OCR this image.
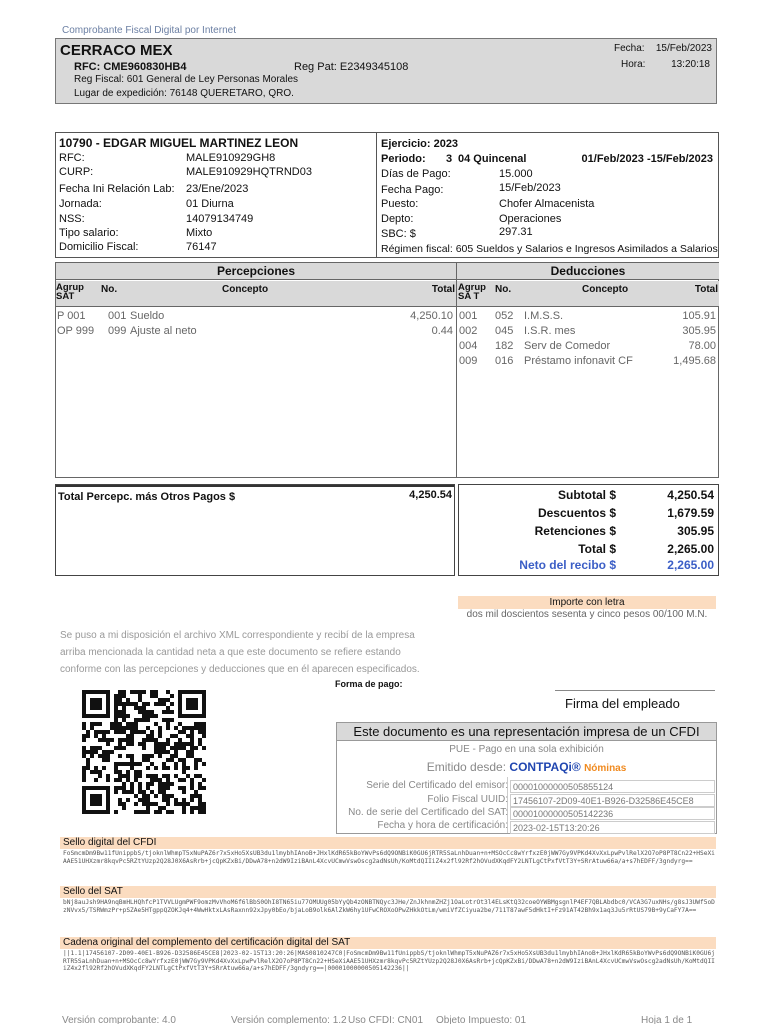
Comprobante Fiscal Digital por Internet
CERRACO MEX
RFC: CME960830HB4	Reg Pat: E2349345108
Reg Fiscal: 601 General de Ley Personas Morales
Lugar de expedición: 76148 QUERETARO, QRO.
Fecha: 15/Feb/2023
Hora:	13:20:18
10790 - EDGAR MIGUEL MARTINEZ LEON
RFC:	MALE910929GH8
CURP:	MALE910929HQTRND03
Fecha Ini Relación Lab: 23/Ene/2023
Jornada:	01 Diurna
NSS:	14079134749
Tipo salario:	Mixto
Domicilio Fiscal:	76147
Ejercicio: 2023
Periodo: 3 04 Quincenal	01/Feb/2023 -15/Feb/2023
Días de Pago:	15.000
Fecha Pago:	15/Feb/2023
Puesto:	Chofer Almacenista
Depto:	Operaciones
SBC: $	297.31
Régimen fiscal: 605 Sueldos y Salarios e Ingresos Asimilados a Salarios
Percepciones	Deducciones
Agrup SAT
No.	Concepto	Total Agrup SA T
No.	Concepto	Total
P 001 001 Sueldo	4,250.10
OP 999 099 Ajuste al neto	0.44
001 052 I.M.S.S.	105.91
002 045 I.S.R. mes	305.95
004 182 Serv de Comedor	78.00
009 016 Préstamo infonavit CF	1,495.68
Total Percepc. más Otros Pagos $	4,250.54	Subtotal $	4,250.54
Descuentos $	1,679.59
Retenciones $	305.95
Total $	2,265.00
Neto del recibo $	2,265.00
Importe con letra
dos mil doscientos sesenta y cinco pesos 00/100 M.N.
Se puso a mi disposición el archivo XML correspondiente y recibí de la empresa arriba mencionada la cantidad neta a que este documento se refiere estando conforme con las percepciones y deducciones que en él aparecen especificados.
Forma de pago:
Firma del empleado
Este documento es una representación impresa de un CFDI
PUE - Pago en una sola exhibición
Emitido desde: CONTPAQi® Nóminas
Serie del Certificado del emisor: 00001000000505855124
Folio Fiscal UUID: 17456107-2D09-40E1-B926-D32586E45CE8
No. de serie del Certificado del SAT: 00001000000505142236
Fecha y hora de certificación: 2023-02-15T13:20:26
Sello digital del CFDI
FoSmcmDm9Bw11fUnippbS/tjoknlWhmpT5xNuPAZ6r7x5xHo5XsUB3du1lmybhIAnoB+JHxlKdR65kBoYWvPs6dQ9ONBiK0GU6jRTR5SaLnhDuan+n+MSOcCc8wYrfxzE0jWW7Gy9VPKd4XvXxLpwPvlRelX2O7oP8PT8Cn22+HSeXiAAE51UHXzmr8kqvPc5RZtYUzp2Q28J0X6AsRrb+jcQpKZxBi/DDwA78+n2dW9IziBAnL4XcvUCmwVswOscg2adNsUh/KoMtdQIIiZ4x2fl92Rf2hOVudXKqdFY2LNTLgCtPxfVtT3Y+SRrAtuw66a/a+s7hEDFF/3gndyrg==
Sello del SAT
bNj8auJsh9HA9nqBmHLHQhfcP1TVVLUgmPWF9omzMvVhoM6f6lBbS0OhI8TN65iu77OMUUg05bYyQb4zONBTNQyc3JHe/ZnJkhnmZHZj1OaLotrOt3l4ELsKtQ32coeOYWBMgsgnlP4EF7QBLAbdbc0/VCA3G7uxNHs/g8sJ3UWf5oDzNVvx5/TSRWmzPr+pSZAe5HTgppQZOKJq4+4WwHktxLAsRaxnn92xJpy0bEo/bjaLoB9olk6AlZkW6hy1UFwCROXoOPwZHkkOtLm/wmiVfZCiyua2be/711T87awF5dHktI+Fz91AT42Bh9x1aq3Ju5rRtUS79B+9yCaFY7A==
Cadena original del complemento del certificación digital del SAT
||1.1|17456107-2D09-40E1-B926-D32586E45CE8|2023-02-15T13:20:26|MAS0810247C0|FoSmcmDm9Bw11fUnippbS/tjoknlWhmpT5xNuPAZ6r7x5xHo5XsUB3du1lmybhIAnoB+JHxlKdR65kBoYWvPs6dQ9ONBiK0GU6jRTR5SaLnhDuan+n+MSOcCc8wYrfxzE0jWW7Gy9VPKd4XvXxLpwPvlRelX2O7oP8PT8Cn22+HSeXiAAE51UHXzmr8kqvPc5RZtYUzp2Q28J0X6AsRrb+jcQpKZxBi/DDwA78+n2dW9IziBAnL4XcvUCmwVswOscg2adNsUh/KoMtdQIIiZ4x2fl92Rf2hOVudXKqdFY2LNTLgCtPxfVtT3Y+SRrAtuw66a/a+s7hEDFF/3gndyrg==|00001000000505142236||
Versión comprobante: 4.0	Versión complemento: 1.2 Uso CFDI: CN01 Objeto Impuesto: 01	Hoja 1 de 1
